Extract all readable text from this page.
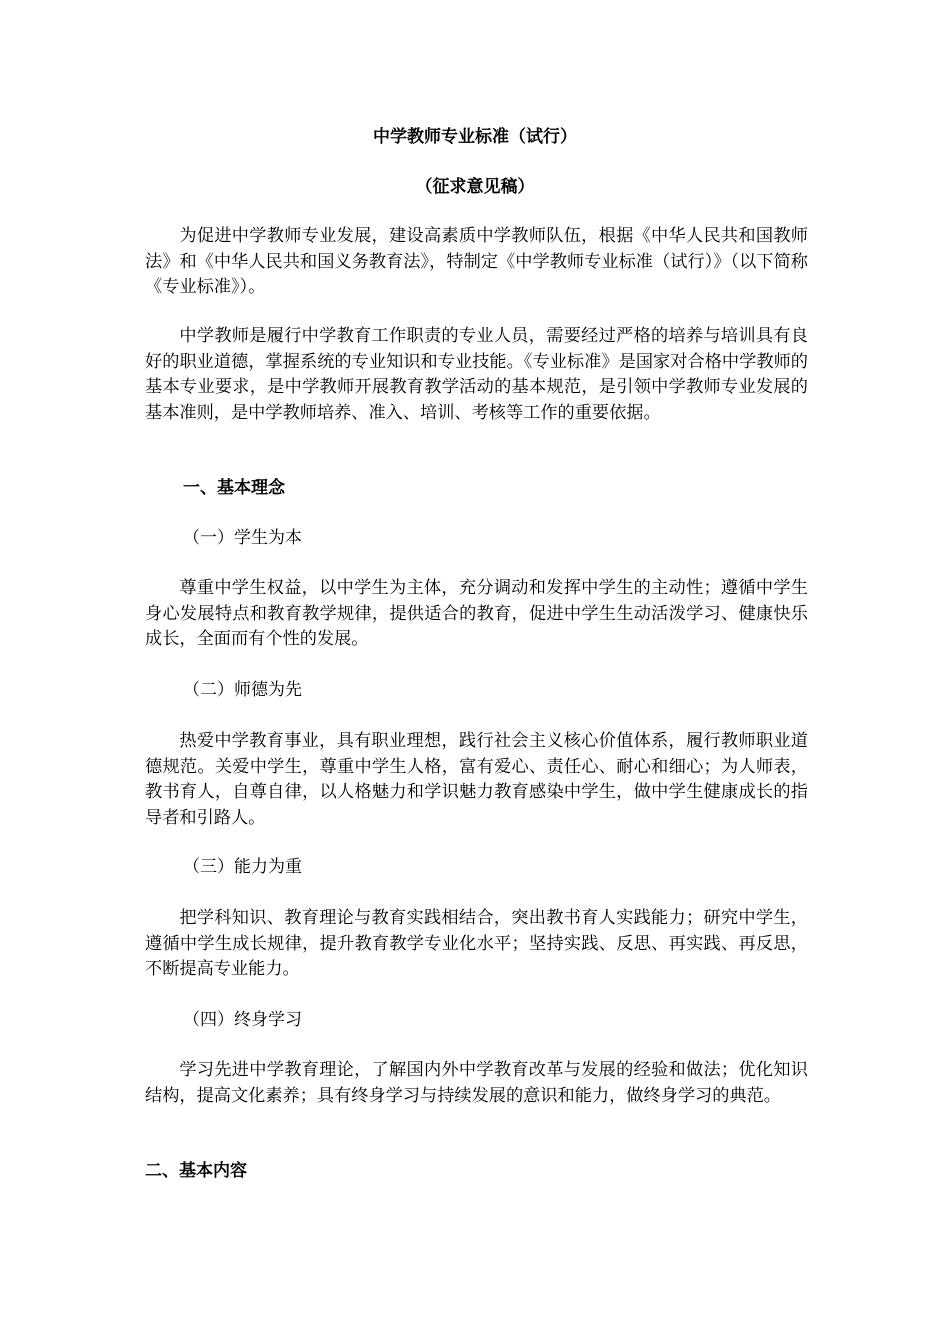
中学教师专业标准（试行）
（征求意见稿）

为促进中学教师专业发展，建设高素质中学教师队伍，根据《中华人民共和国教师法》和《中华人民共和国义务教育法》，特制定《中学教师专业标准（试行）》（以下简称《专业标准》）。

中学教师是履行中学教育工作职责的专业人员，需要经过严格的培养与培训具有良好的职业道德，掌握系统的专业知识和专业技能。《专业标准》是国家对合格中学教师的基本专业要求，是中学教师开展教育教学活动的基本规范，是引领中学教师专业发展的基本准则，是中学教师培养、准入、培训、考核等工作的重要依据。

一、基本理念
（一）学生为本

尊重中学生权益，以中学生为主体，充分调动和发挥中学生的主动性；遵循中学生身心发展特点和教育教学规律，提供适合的教育，促进中学生生动活泼学习、健康快乐成长，全面而有个性的发展。

（二）师德为先

热爱中学教育事业，具有职业理想，践行社会主义核心价值体系，履行教师职业道德规范。关爱中学生，尊重中学生人格，富有爱心、责任心、耐心和细心；为人师表，教书育人，自尊自律，以人格魅力和学识魅力教育感染中学生，做中学生健康成长的指导者和引路人。

（三）能力为重

把学科知识、教育理论与教育实践相结合，突出教书育人实践能力；研究中学生，遵循中学生成长规律，提升教育教学专业化水平；坚持实践、反思、再实践、再反思，不断提高专业能力。

（四）终身学习

学习先进中学教育理论，了解国内外中学教育改革与发展的经验和做法；优化知识结构，提高文化素养；具有终身学习与持续发展的意识和能力，做终身学习的典范。

二、基本内容
